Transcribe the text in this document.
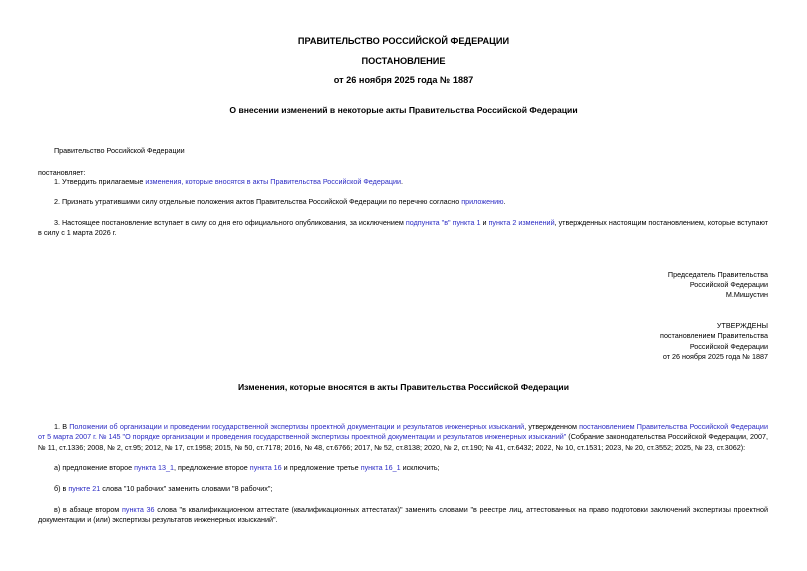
ПРАВИТЕЛЬСТВО РОССИЙСКОЙ ФЕДЕРАЦИИ
ПОСТАНОВЛЕНИЕ
от 26 ноября 2025 года № 1887
О внесении изменений в некоторые акты Правительства Российской Федерации
Правительство Российской Федерации
постановляет:
1. Утвердить прилагаемые изменения, которые вносятся в акты Правительства Российской Федерации.
2. Признать утратившими силу отдельные положения актов Правительства Российской Федерации по перечню согласно приложению.
3. Настоящее постановление вступает в силу со дня его официального опубликования, за исключением подпункта "в" пункта 1 и пункта 2 изменений, утвержденных настоящим постановлением, которые вступают в силу с 1 марта 2026 г.
Председатель Правительства
Российской Федерации
М.Мишустин
УТВЕРЖДЕНЫ
постановлением Правительства
Российской Федерации
от 26 ноября 2025 года № 1887
Изменения, которые вносятся в акты Правительства Российской Федерации
1. В Положении об организации и проведении государственной экспертизы проектной документации и результатов инженерных изысканий, утвержденном постановлением Правительства Российской Федерации от 5 марта 2007 г. № 145 "О порядке организации и проведения государственной экспертизы проектной документации и результатов инженерных изысканий" (Собрание законодательства Российской Федерации, 2007, № 11, ст.1336; 2008, № 2, ст.95; 2012, № 17, ст.1958; 2015, № 50, ст.7178; 2016, № 48, ст.6766; 2017, № 52, ст.8138; 2020, № 2, ст.190; № 41, ст.6432; 2022, № 10, ст.1531; 2023, № 20, ст.3552; 2025, № 23, ст.3062):
а) предложение второе пункта 13_1, предложение второе пункта 16 и предложение третье пункта 16_1 исключить;
б) в пункте 21 слова "10 рабочих" заменить словами "8 рабочих";
в) в абзаце втором пункта 36 слова "в квалификационном аттестате (квалификационных аттестатах)" заменить словами "в реестре лиц, аттестованных на право подготовки заключений экспертизы проектной документации и (или) экспертизы результатов инженерных изысканий".
